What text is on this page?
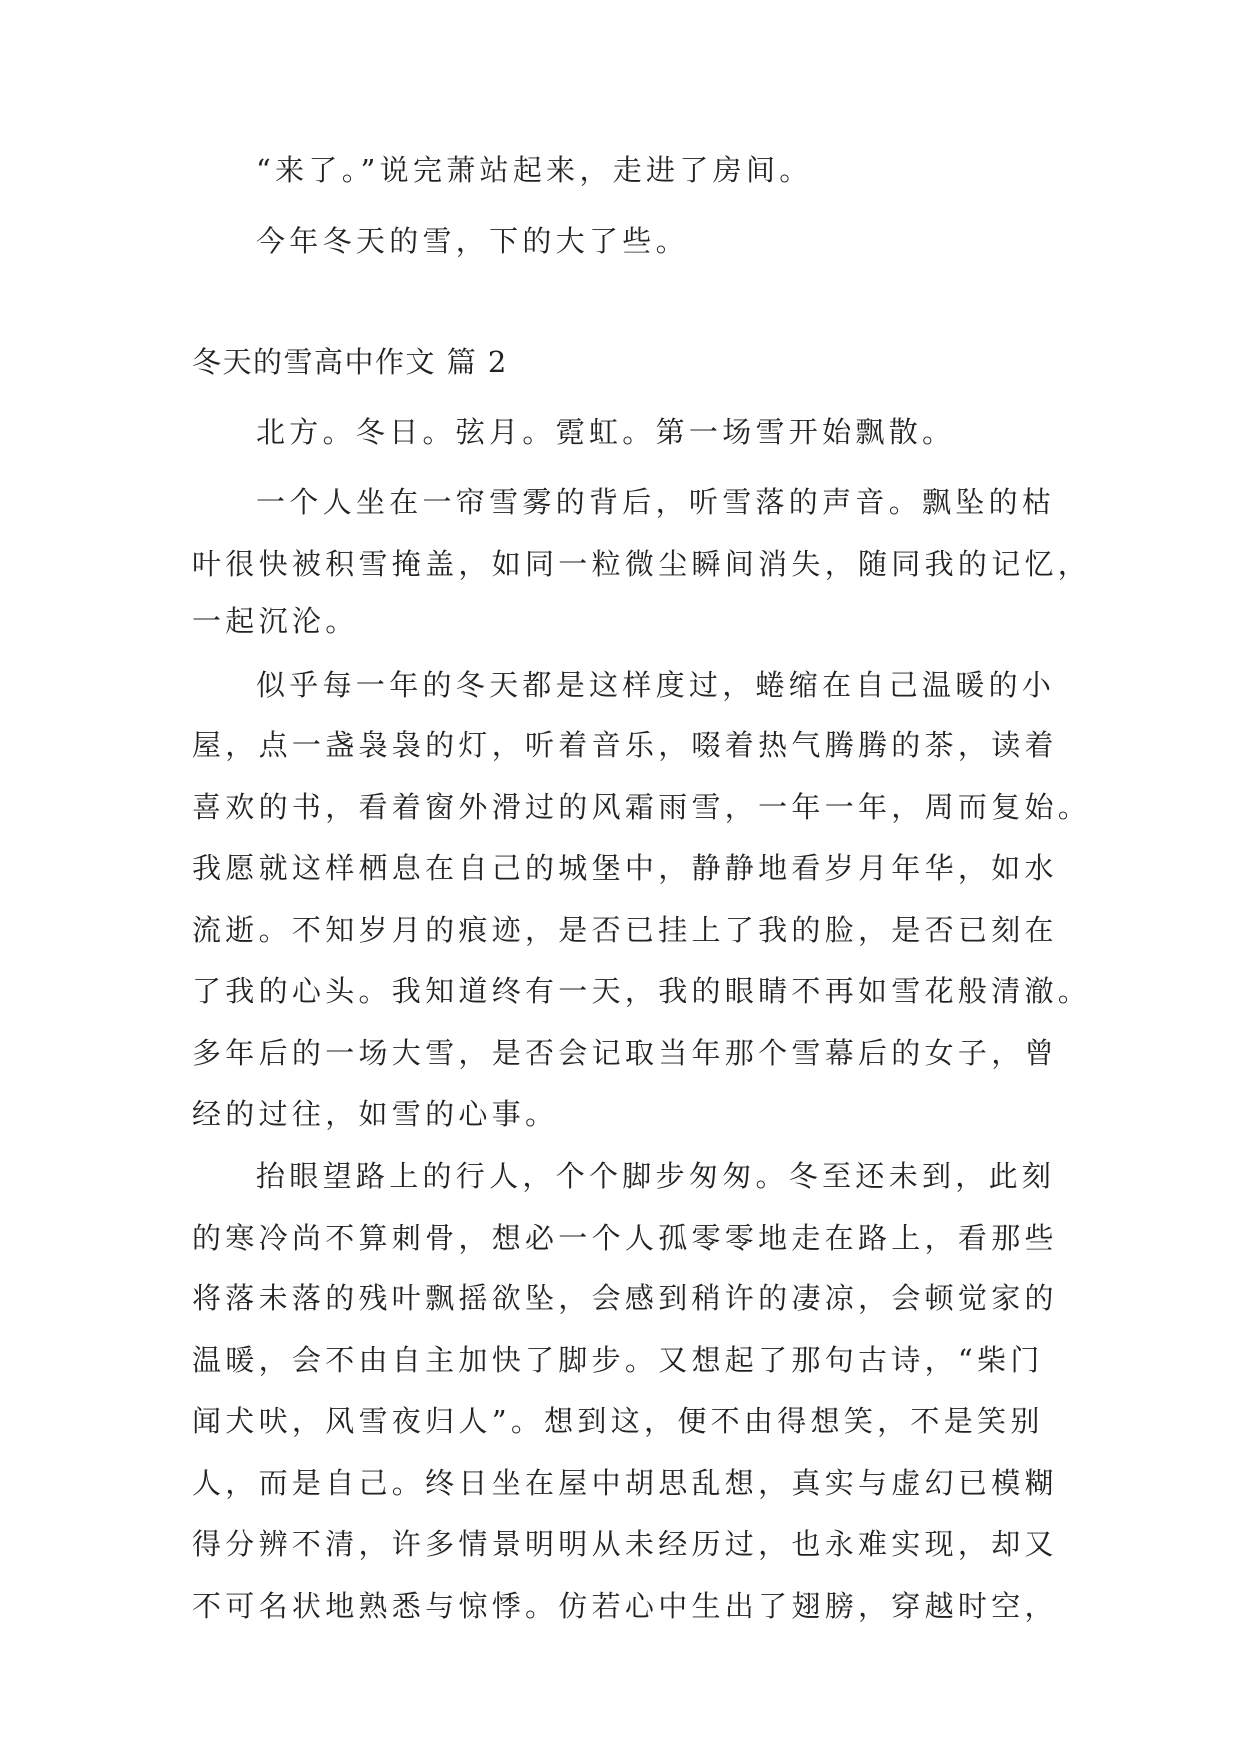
“来了。”说完萧站起来，走进了房间。
今年冬天的雪，下的大了些。
冬天的雪高中作文 篇 2
北方。冬日。弦月。霓虹。第一场雪开始飘散。
一个人坐在一帘雪雾的背后，听雪落的声音。飘坠的枯
叶很快被积雪掩盖，如同一粒微尘瞬间消失，随同我的记忆，
一起沉沦。
似乎每一年的冬天都是这样度过，蜷缩在自己温暖的小
屋，点一盏袅袅的灯，听着音乐，啜着热气腾腾的茶，读着
喜欢的书，看着窗外滑过的风霜雨雪，一年一年，周而复始。
我愿就这样栖息在自己的城堡中，静静地看岁月年华，如水
流逝。不知岁月的痕迹，是否已挂上了我的脸，是否已刻在
了我的心头。我知道终有一天，我的眼睛不再如雪花般清澈。
多年后的一场大雪，是否会记取当年那个雪幕后的女子，曾
经的过往，如雪的心事。
抬眼望路上的行人，个个脚步匆匆。冬至还未到，此刻
的寒冷尚不算刺骨，想必一个人孤零零地走在路上，看那些
将落未落的残叶飘摇欲坠，会感到稍许的凄凉，会顿觉家的
温暖，会不由自主加快了脚步。又想起了那句古诗，“柴门
闻犬吠，风雪夜归人”。想到这，便不由得想笑，不是笑别
人，而是自己。终日坐在屋中胡思乱想，真实与虚幻已模糊
得分辨不清，许多情景明明从未经历过，也永难实现，却又
不可名状地熟悉与惊悸。仿若心中生出了翅膀，穿越时空，
